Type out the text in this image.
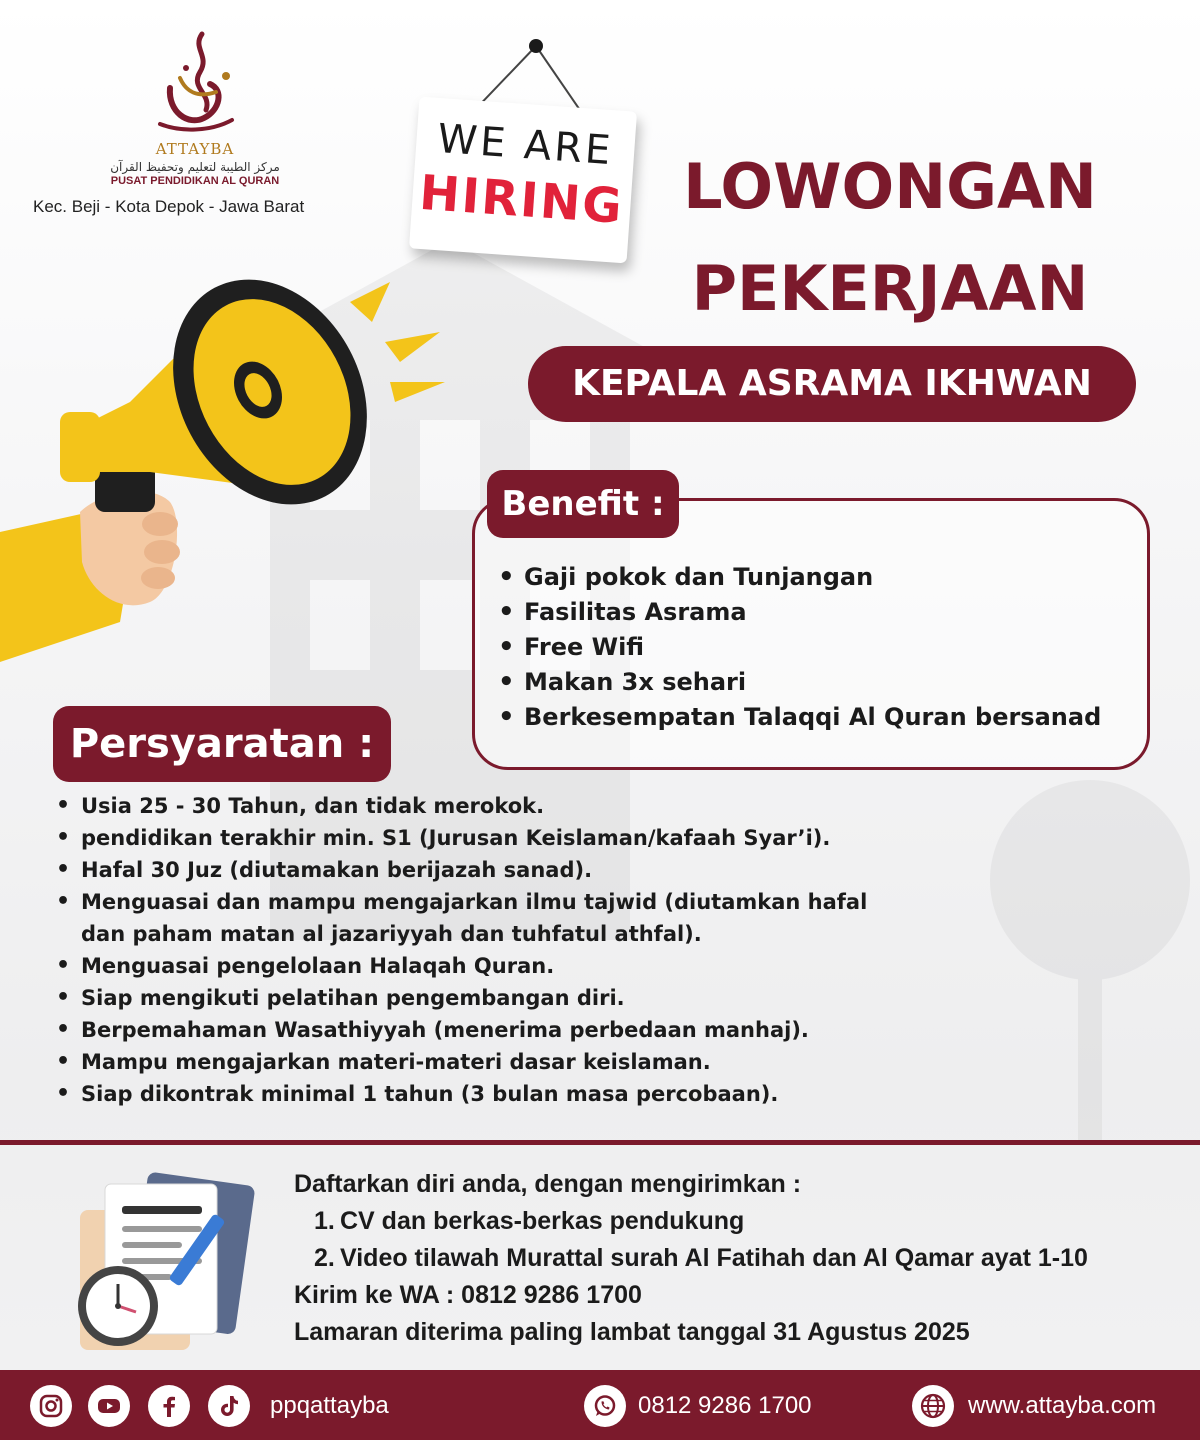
ATTAYBA
مركز الطيبة لتعليم وتحفيظ القرآن
PUSAT PENDIDIKAN AL QURAN
Kec. Beji - Kota Depok - Jawa Barat
WE ARE
HIRING LOWONGAN
PEKERJAAN
KEPALA ASRAMA IKHWAN
Benefit :
• Gaji pokok dan Tunjangan
• Fasilitas Asrama
• Free Wifi
• Makan 3x sehari
• Berkesempatan Talaqqi Al Quran bersanad
Persyaratan :
• Usia 25 - 30 Tahun, dan tidak merokok.
• pendidikan terakhir min. S1 (Jurusan Keislaman/kafaah Syar’i).
• Hafal 30 Juz (diutamakan berijazah sanad).
• Menguasai dan mampu mengajarkan ilmu tajwid (diutamkan hafal
dan paham matan al jazariyyah dan tuhfatul athfal).
• Menguasai pengelolaan Halaqah Quran.
• Siap mengikuti pelatihan pengembangan diri.
• Berpemahaman Wasathiyyah (menerima perbedaan manhaj).
• Mampu mengajarkan materi-materi dasar keislaman.
• Siap dikontrak minimal 1 tahun (3 bulan masa percobaan).
Daftarkan diri anda, dengan mengirimkan :
1. CV dan berkas-berkas pendukung
2. Video tilawah Murattal surah Al Fatihah dan Al Qamar ayat 1-10
Kirim ke WA : 0812 9286 1700
Lamaran diterima paling lambat tanggal 31 Agustus 2025
ppqattayba	0812 9286 1700	www.attayba.com
